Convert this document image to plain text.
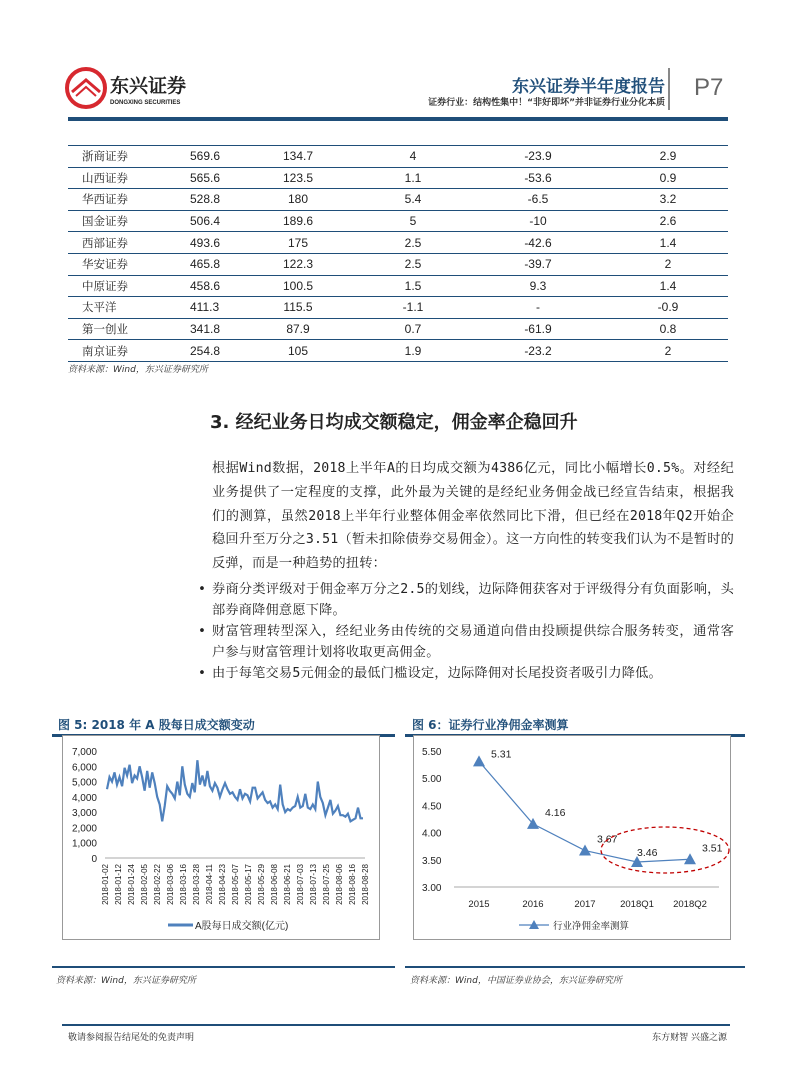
东兴证券
DONGXING SECURITIES
东兴证券半年度报告
证券行业：结构性集中！“非好即坏”并非证券行业分化本质
P7
浙商证券	569.6	134.7	4	-23.9	2.9
山西证券	565.6	123.5	1.1	-53.6	0.9
华西证券	528.8	180	5.4	-6.5	3.2
国金证券	506.4	189.6	5	-10	2.6
西部证券	493.6	175	2.5	-42.6	1.4
华安证券	465.8	122.3	2.5	-39.7	2
中原证券	458.6	100.5	1.5	9.3	1.4
太平洋	411.3	115.5	-1.1	-	-0.9
第一创业	341.8	87.9	0.7	-61.9	0.8
南京证券	254.8	105	1.9	-23.2	2
资料来源：Wind，东兴证券研究所
3. 经纪业务日均成交额稳定，佣金率企稳回升
根据Wind数据，2018上半年A的日均成交额为4386亿元，同比小幅增长0.5%。对经纪业务提供了一定程度的支撑，此外最为关键的是经纪业务佣金战已经宣告结束，根据我们的测算，虽然2018上半年行业整体佣金率依然同比下滑，但已经在2018年Q2开始企稳回升至万分之3.51（暂未扣除债券交易佣金）。这一方向性的转变我们认为不是暂时的反弹，而是一种趋势的扭转：
• 券商分类评级对于佣金率万分之2.5的划线，边际降佣获客对于评级得分有负面影响，头部券商降佣意愿下降。
• 财富管理转型深入，经纪业务由传统的交易通道向借由投顾提供综合服务转变，通常客户参与财富管理计划将收取更高佣金。
• 由于每笔交易5元佣金的最低门槛设定，边际降佣对长尾投资者吸引力降低。
图 5: 2018 年 A 股每日成交额变动
7,000
6,000
5,000
4,000
3,000
2,000
1,000
0
2018-01-02 2018-01-12 2018-01-24 2018-02-05 2018-02-22 2018-03-06 2018-03-16 2018-03-28 2018-04-11 2018-04-23 2018-05-07 2018-05-17 2018-05-29 2018-06-08 2018-06-21 2018-07-03 2018-07-13 2018-07-25 2018-08-06 2018-08-16 2018-08-28
A股每日成交额(亿元)
图 6：证券行业净佣金率测算
5.50
5.00
4.50
4.00
3.50
3.00
2015	2016	2017	2018Q1 2018Q2
5.31
4.16
3.67
3.46	3.51
行业净佣金率测算
资料来源：Wind，东兴证券研究所	资料来源：Wind，中国证券业协会，东兴证券研究所
敬请参阅报告结尾处的免责声明	东方财智 兴盛之源
